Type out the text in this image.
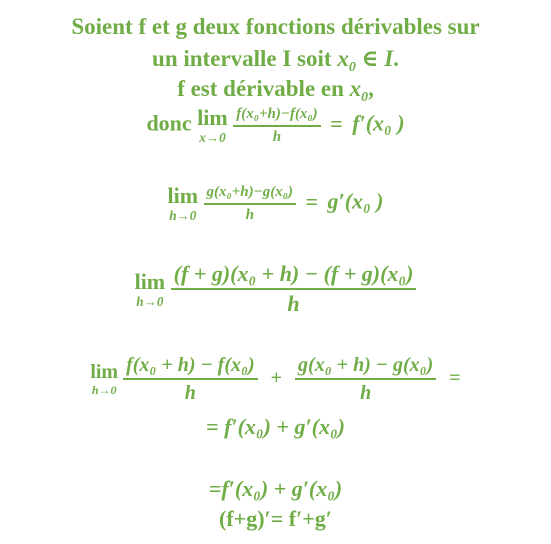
Soient f et g deux fonctions dérivables sur
un intervalle I soit $x_0$ ∈ I.
f est dérivable en $x_0$,
donc lim
x→0
$\frac{\text{f(x₀+h)−f(x₀)}}{h} = f'(x_0$ )
lim
h→0
$\frac{\text{g(x₀+h)−g(x₀)}}{h} = g'(x_0$ )
lim
h→0
$\frac{\text{(f + g)(x₀ + h) − (f + g)(x₀)}}{h}$
lim
h→0
$\frac{\text{f(x₀ + h) − f(x₀)}}{h} + \frac{\text{g(x₀ + h) − g(x₀)}}{h}$ =
= f′(x₀) + g′(x₀)
=f′(x₀) + g′(x₀)
(f+g)′= f′+g′
